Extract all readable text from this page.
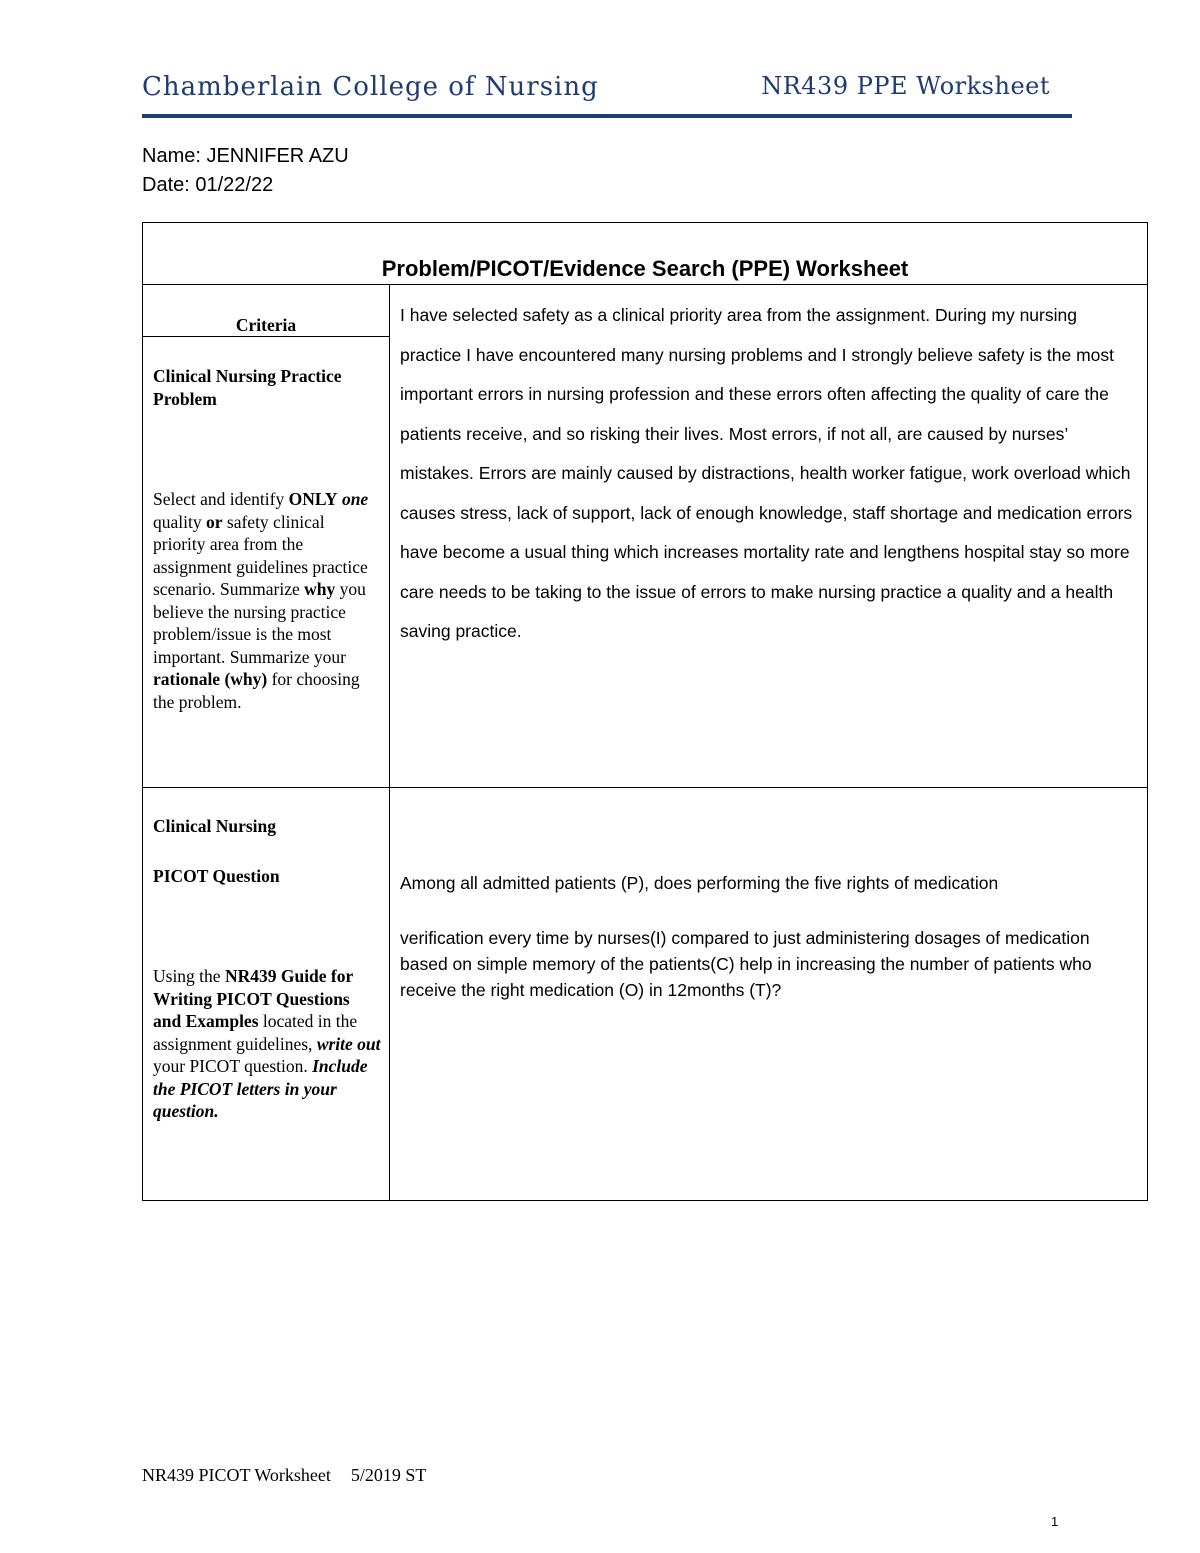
Chamberlain College of Nursing	NR439 PPE Worksheet
Name: JENNIFER AZU
Date: 01/22/22
Problem/PICOT/Evidence Search (PPE) Worksheet
Criteria
Clinical Nursing Practice Problem
Select and identify ONLY one quality or safety clinical priority area from the assignment guidelines practice scenario. Summarize why you believe the nursing practice problem/issue is the most important. Summarize your rationale (why) for choosing the problem.
I have selected safety as a clinical priority area from the assignment. During my nursing practice I have encountered many nursing problems and I strongly believe safety is the most important errors in nursing profession and these errors often affecting the quality of care the patients receive, and so risking their lives. Most errors, if not all, are caused by nurses’ mistakes. Errors are mainly caused by distractions, health worker fatigue, work overload which causes stress, lack of support, lack of enough knowledge, staff shortage and medication errors have become a usual thing which increases mortality rate and lengthens hospital stay so more care needs to be taking to the issue of errors to make nursing practice a quality and a health saving practice.
Clinical Nursing
PICOT Question
Using the NR439 Guide for Writing PICOT Questions and Examples located in the assignment guidelines, write out your PICOT question. Include the PICOT letters in your question.
Among all admitted patients (P), does performing the five rights of medication
verification every time by nurses(I) compared to just administering dosages of medication based on simple memory of the patients(C) help in increasing the number of patients who receive the right medication (O) in 12months (T)?
NR439 PICOT Worksheet 5/2019 ST
1
